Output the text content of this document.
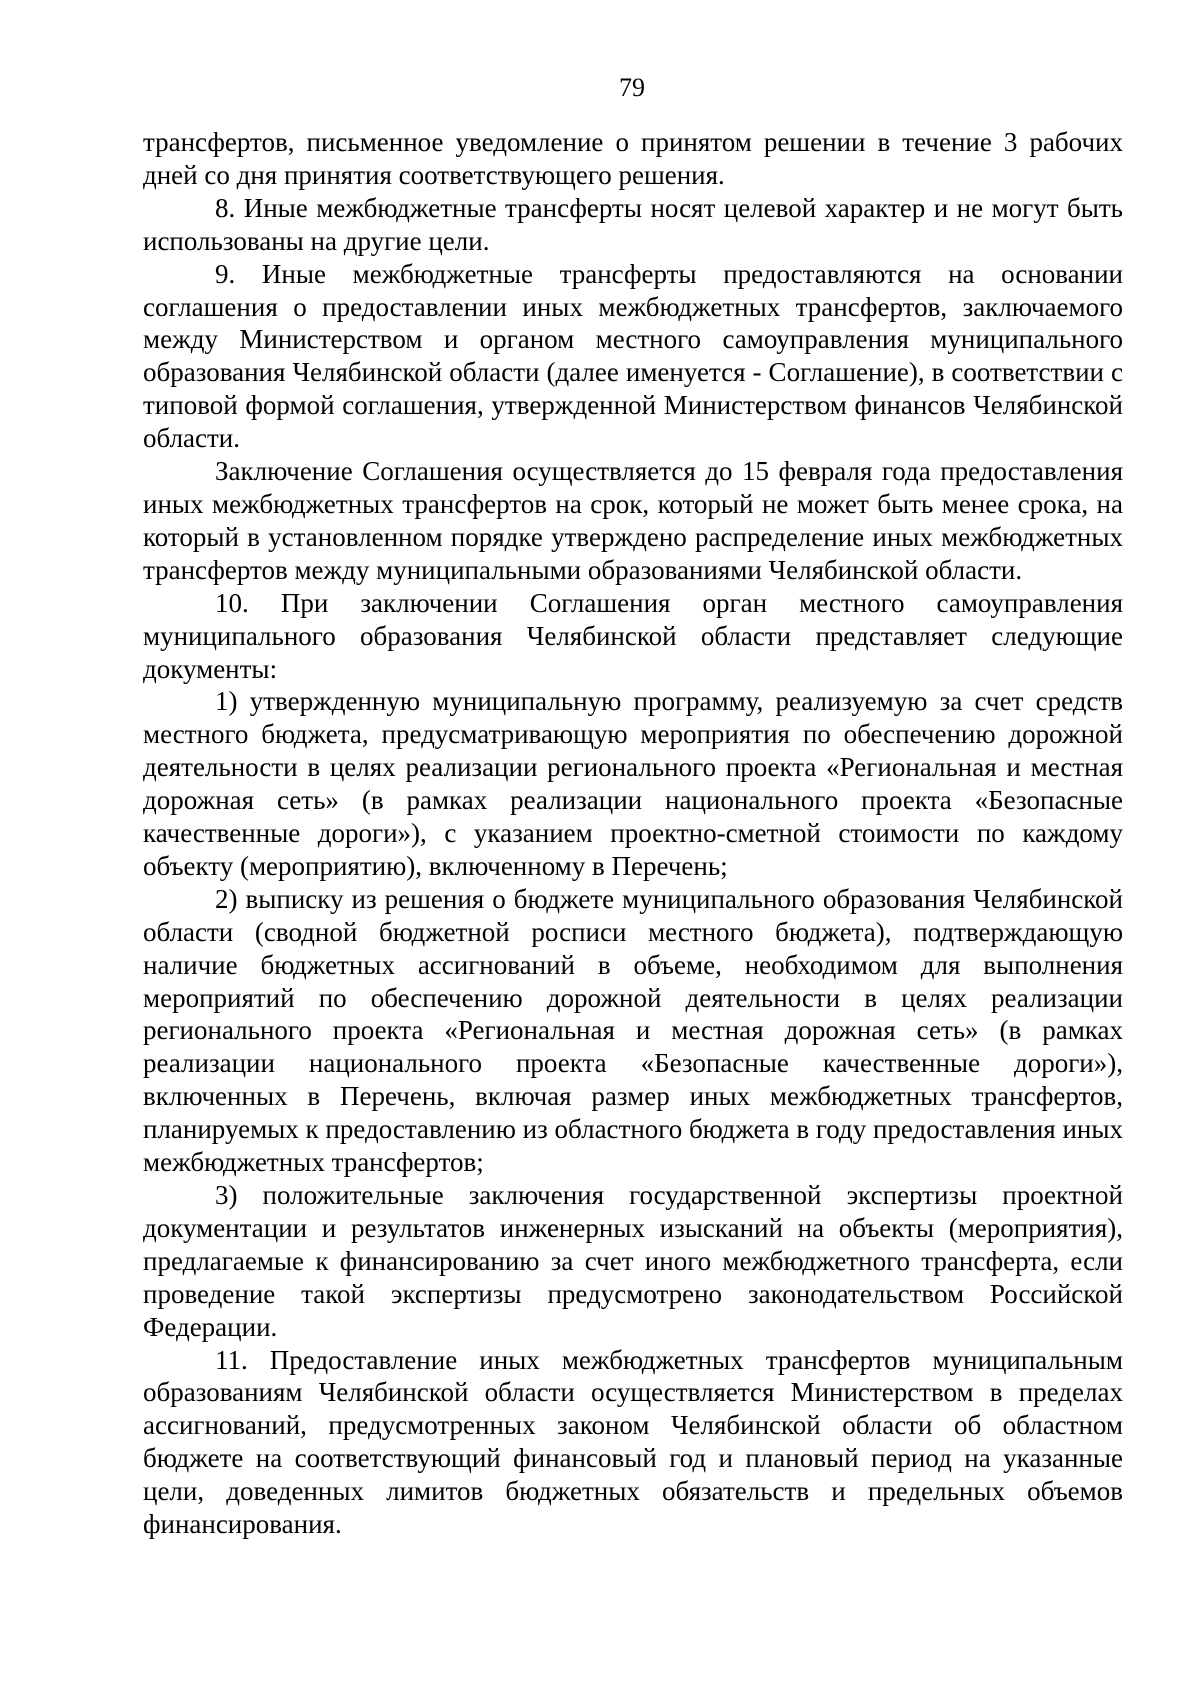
79

трансфертов, письменное уведомление о принятом решении в течение 3 рабочих дней со дня принятия соответствующего решения.

8. Иные межбюджетные трансферты носят целевой характер и не могут быть использованы на другие цели.

9. Иные межбюджетные трансферты предоставляются на основании соглашения о предоставлении иных межбюджетных трансфертов, заключаемого между Министерством и органом местного самоуправления муниципального образования Челябинской области (далее именуется - Соглашение), в соответствии с типовой формой соглашения, утвержденной Министерством финансов Челябинской области.

Заключение Соглашения осуществляется до 15 февраля года предоставления иных межбюджетных трансфертов на срок, который не может быть менее срока, на который в установленном порядке утверждено распределение иных межбюджетных трансфертов между муниципальными образованиями Челябинской области.

10. При заключении Соглашения орган местного самоуправления муниципального образования Челябинской области представляет следующие документы:

1) утвержденную муниципальную программу, реализуемую за счет средств местного бюджета, предусматривающую мероприятия по обеспечению дорожной деятельности в целях реализации регионального проекта «Региональная и местная дорожная сеть» (в рамках реализации национального проекта «Безопасные качественные дороги»), с указанием проектно-сметной стоимости по каждому объекту (мероприятию), включенному в Перечень;

2) выписку из решения о бюджете муниципального образования Челябинской области (сводной бюджетной росписи местного бюджета), подтверждающую наличие бюджетных ассигнований в объеме, необходимом для выполнения мероприятий по обеспечению дорожной деятельности в целях реализации регионального проекта «Региональная и местная дорожная сеть» (в рамках реализации национального проекта «Безопасные качественные дороги»), включенных в Перечень, включая размер иных межбюджетных трансфертов, планируемых к предоставлению из областного бюджета в году предоставления иных межбюджетных трансфертов;

3) положительные заключения государственной экспертизы проектной документации и результатов инженерных изысканий на объекты (мероприятия), предлагаемые к финансированию за счет иного межбюджетного трансферта, если проведение такой экспертизы предусмотрено законодательством Российской Федерации.

11. Предоставление иных межбюджетных трансфертов муниципальным образованиям Челябинской области осуществляется Министерством в пределах ассигнований, предусмотренных законом Челябинской области об областном бюджете на соответствующий финансовый год и плановый период на указанные цели, доведенных лимитов бюджетных обязательств и предельных объемов финансирования.
